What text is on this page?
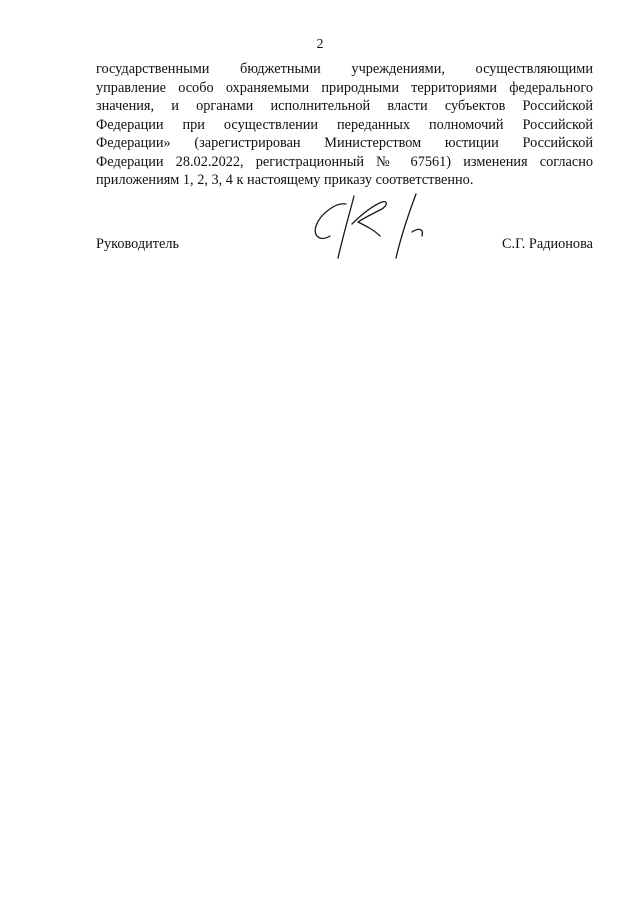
2

государственными бюджетными учреждениями, осуществляющими
управление особо охраняемыми природными территориями федерального
значения, и органами исполнительной власти субъектов Российской
Федерации при осуществлении переданных полномочий Российской
Федерации» (зарегистрирован Министерством юстиции Российской
Федерации 28.02.2022, регистрационный № 67561) изменения согласно
приложениям 1, 2, 3, 4 к настоящему приказу соответственно.

Руководитель	С.Г. Радионова
